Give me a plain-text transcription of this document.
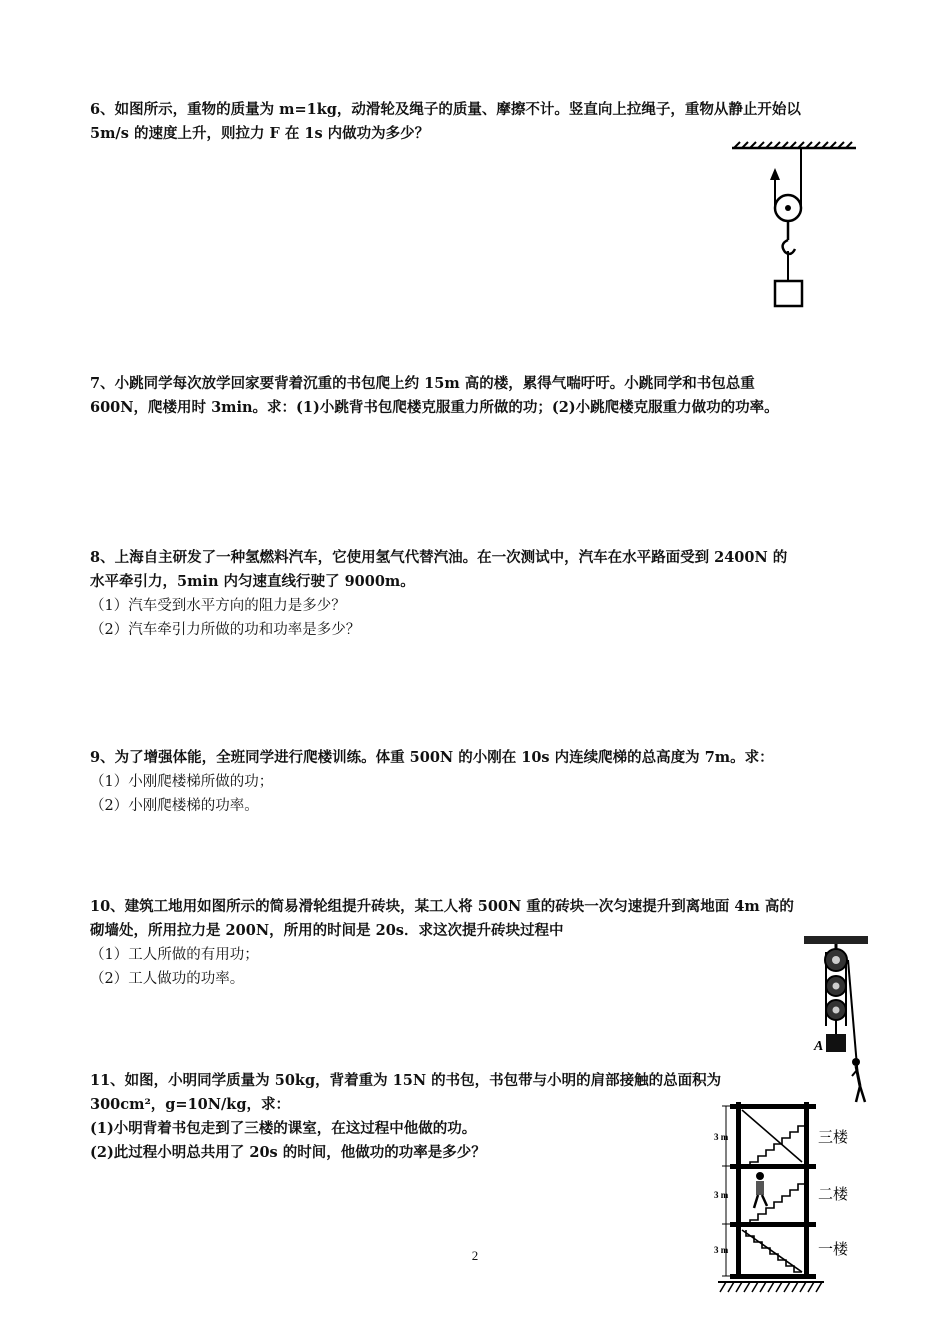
6、如图所示，重物的质量为 m=1kg，动滑轮及绳子的质量、摩擦不计。竖直向上拉绳子，重物从静止开始以

5m/s 的速度上升，则拉力 F 在 1s 内做功为多少？

7、小跳同学每次放学回家要背着沉重的书包爬上约 15m 高的楼，累得气喘吁吁。小跳同学和书包总重

600N，爬楼用时 3min。求：(1)小跳背书包爬楼克服重力所做的功；(2)小跳爬楼克服重力做功的功率。

8、上海自主研发了一种氢燃料汽车，它使用氢气代替汽油。在一次测试中，汽车在水平路面受到 2400N 的

水平牵引力，5min 内匀速直线行驶了 9000m。

（1）汽车受到水平方向的阻力是多少？

（2）汽车牵引力所做的功和功率是多少？

9、为了增强体能，全班同学进行爬楼训练。体重 500N 的小刚在 10s 内连续爬梯的总高度为 7m。求：

（1）小刚爬楼梯所做的功；

（2）小刚爬楼梯的功率。

10、建筑工地用如图所示的简易滑轮组提升砖块，某工人将 500N 重的砖块一次匀速提升到离地面 4m 高的

砌墙处，所用拉力是 200N，所用的时间是 20s．求这次提升砖块过程中

（1）工人所做的有用功；

（2）工人做功的功率。

A

11、如图，小明同学质量为 50kg，背着重为 15N 的书包，书包带与小明的肩部接触的总面积为

300cm²，g=10N/kg，求：

(1)小明背着书包走到了三楼的课室，在这过程中他做的功。

(2)此过程小明总共用了 20s 的时间，他做功的功率是多少？

3 m
3 m
3 m
三楼
二楼
一楼
2
